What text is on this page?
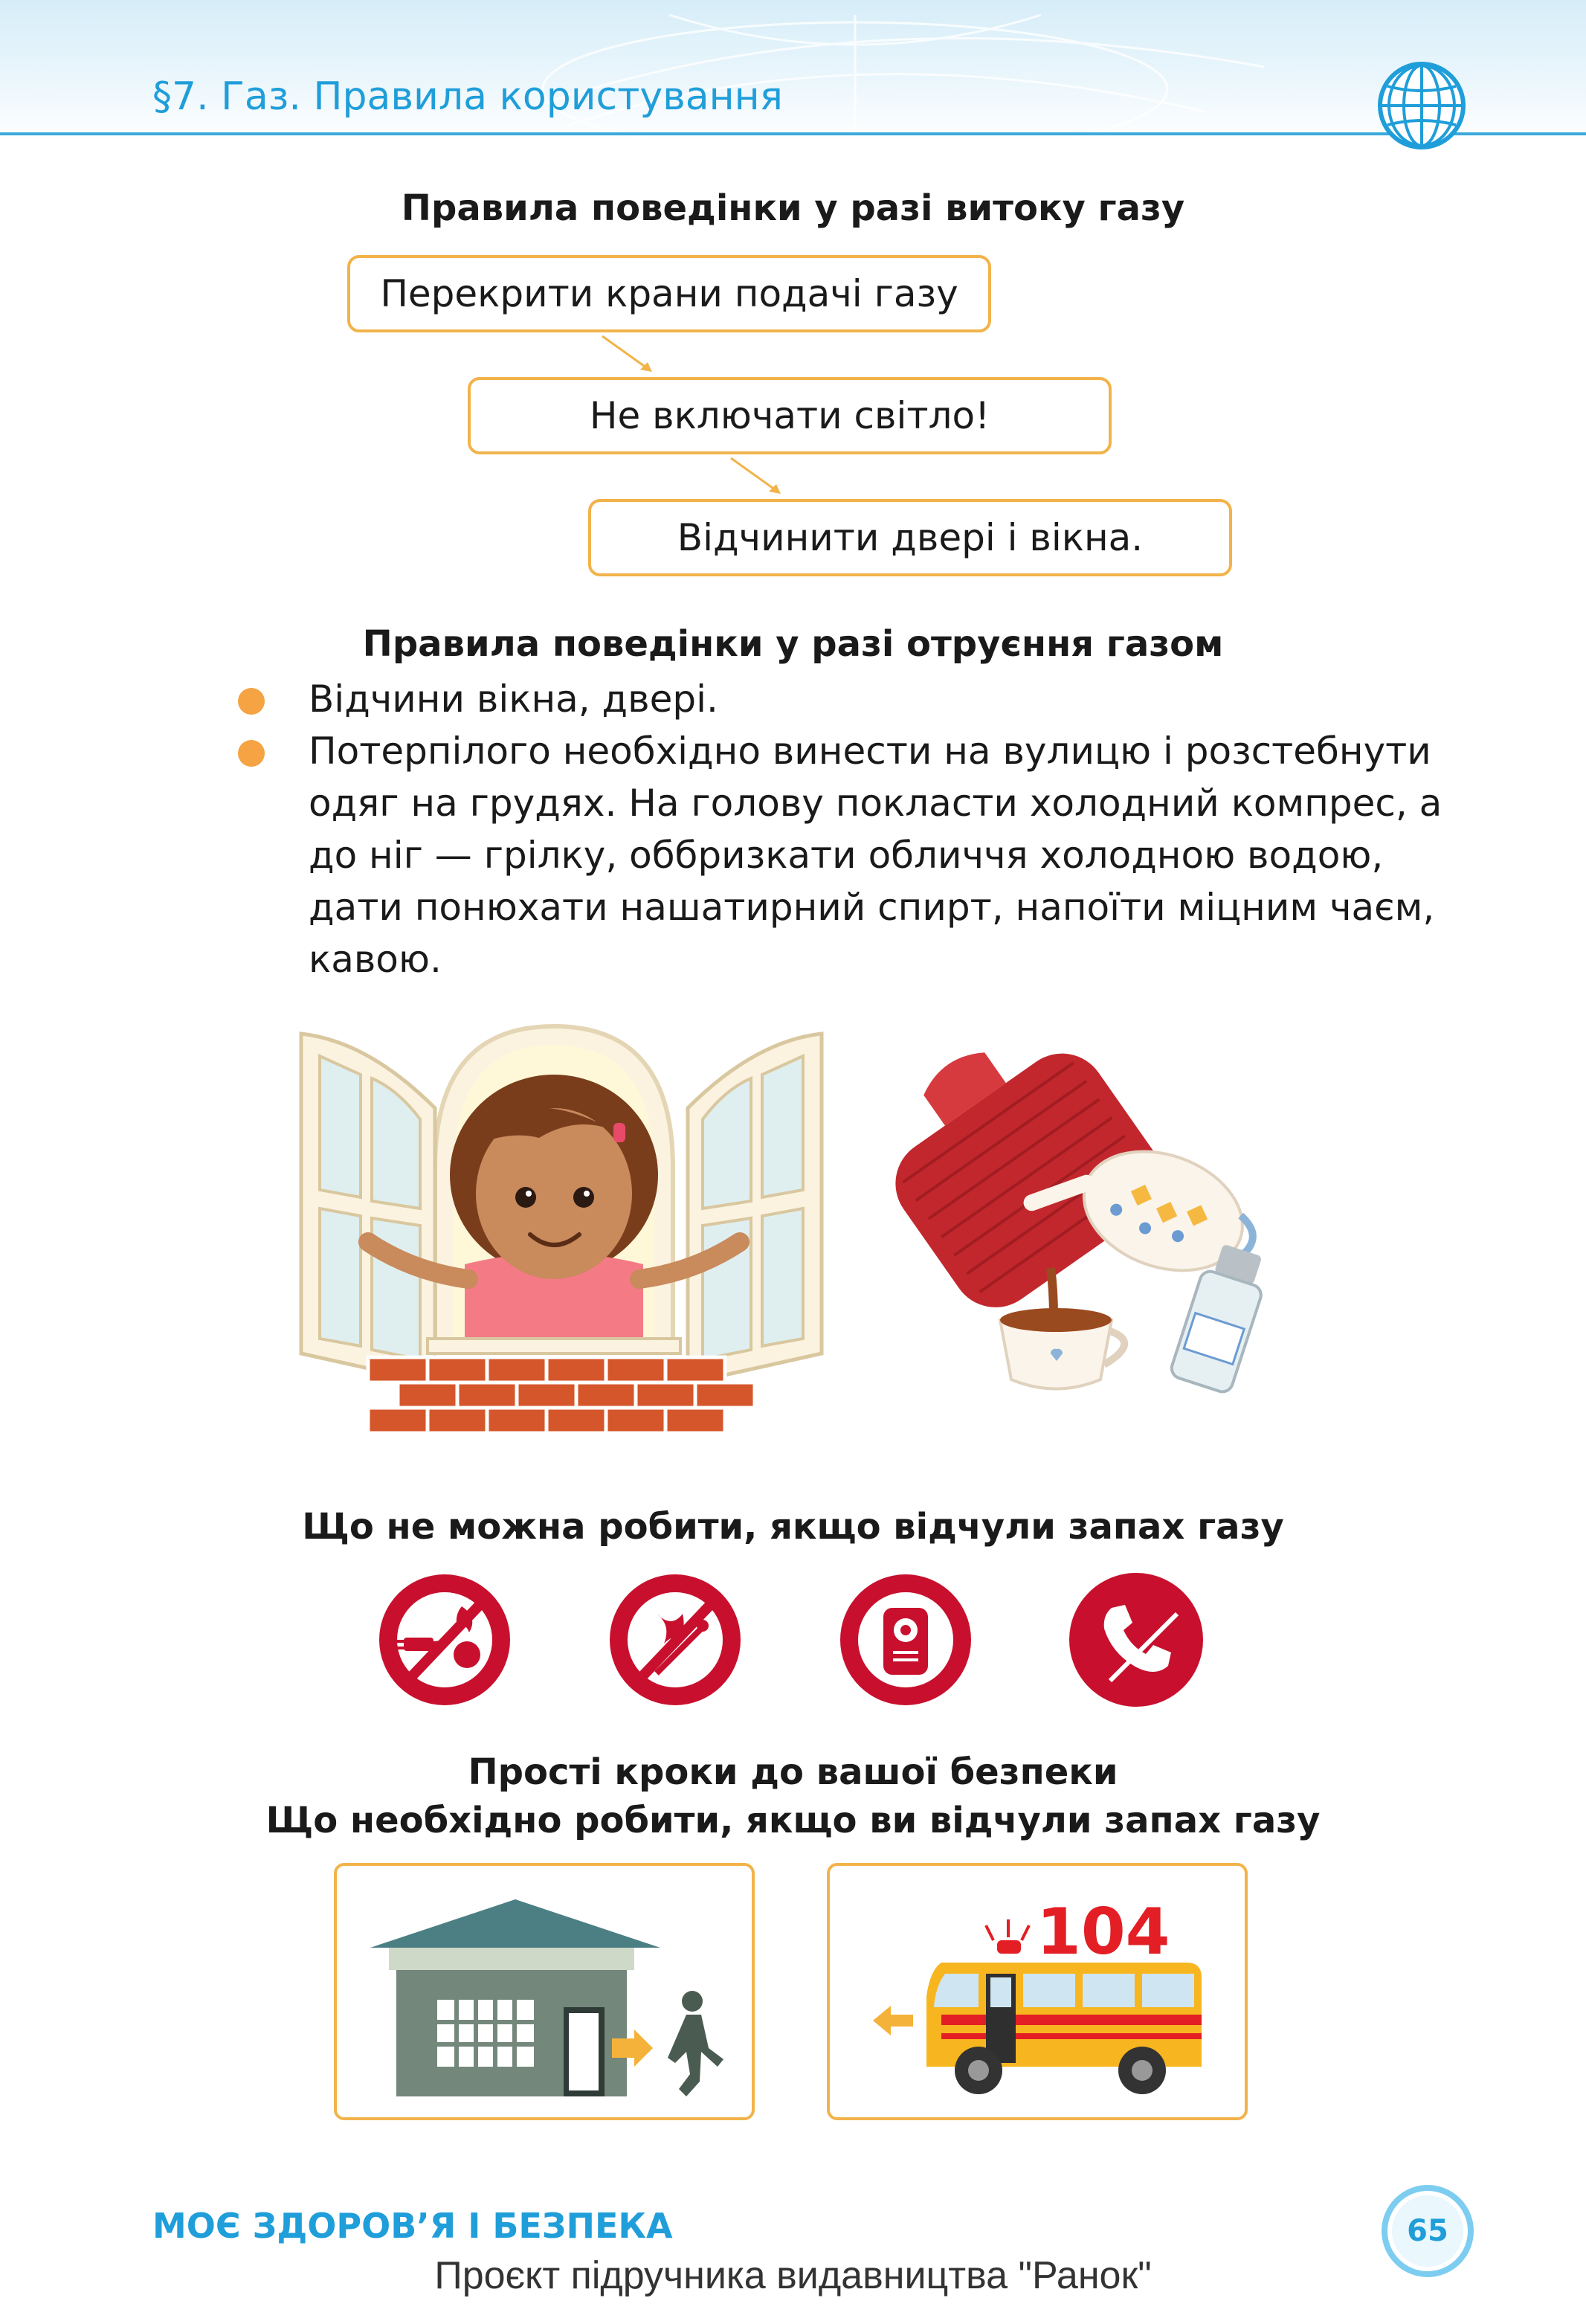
§7. Газ. Правила користування
Правила поведінки у разі витоку газу
Перекрити крани подачі газу
Не включати світло!
Відчинити двері і вікна.
Правила поведінки у разі отруєння газом
Відчини вікна, двері.
Потерпілого необхідно винести на вулицю і розстебнути одяг на грудях. На голову покласти холодний компрес, а до ніг — грілку, оббризкати обличчя холодною водою, дати понюхати нашатирний спирт, напоїти міцним чаєм, кавою.
Що не можна робити, якщо відчули запах газу
Прості кроки до вашої безпеки
Що необхідно робити, якщо ви відчули запах газу
104
МОЄ ЗДОРОВ’Я І БЕЗПЕКА	65
Проєкт підручника видавництва "Ранок"
